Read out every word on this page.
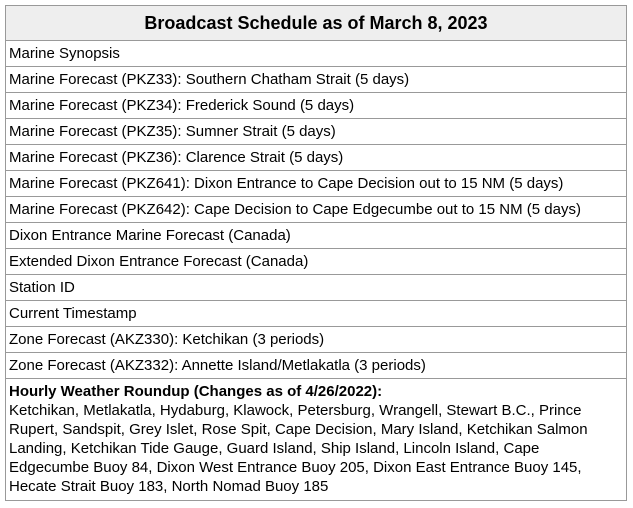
Broadcast Schedule as of March 8, 2023
Marine Synopsis
Marine Forecast (PKZ33): Southern Chatham Strait (5 days)
Marine Forecast (PKZ34): Frederick Sound (5 days)
Marine Forecast (PKZ35): Sumner Strait (5 days)
Marine Forecast (PKZ36): Clarence Strait (5 days)
Marine Forecast (PKZ641): Dixon Entrance to Cape Decision out to 15 NM (5 days)
Marine Forecast (PKZ642): Cape Decision to Cape Edgecumbe out to 15 NM (5 days)
Dixon Entrance Marine Forecast (Canada)
Extended Dixon Entrance Forecast (Canada)
Station ID
Current Timestamp
Zone Forecast (AKZ330): Ketchikan (3 periods)
Zone Forecast (AKZ332): Annette Island/Metlakatla (3 periods)

Hourly Weather Roundup (Changes as of 4/26/2022):
Ketchikan, Metlakatla, Hydaburg, Klawock, Petersburg, Wrangell, Stewart B.C., Prince Rupert, Sandspit, Grey Islet, Rose Spit, Cape Decision, Mary Island, Ketchikan Salmon Landing, Ketchikan Tide Gauge, Guard Island, Ship Island, Lincoln Island, Cape Edgecumbe Buoy 84, Dixon West Entrance Buoy 205, Dixon East Entrance Buoy 145, Hecate Strait Buoy 183, North Nomad Buoy 185
